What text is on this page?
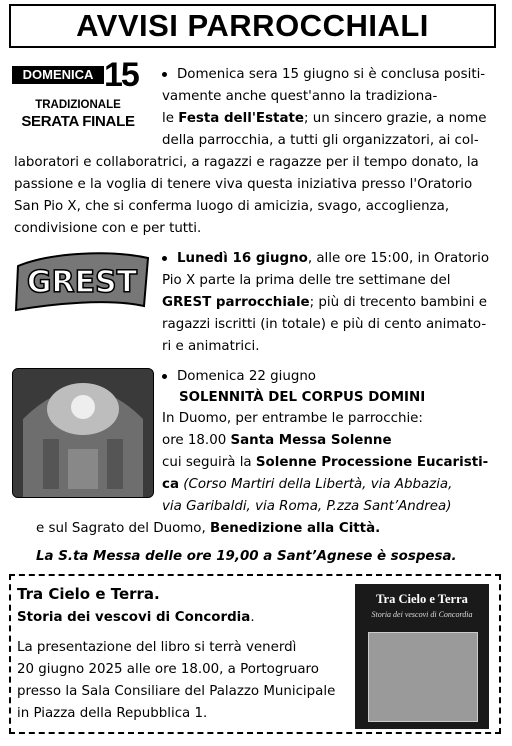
AVVISI PARROCCHIALI
DOMENICA 15
TRADIZIONALE
SERATA FINALE
Domenica sera 15 giugno si è conclusa positi-
vamente anche quest'anno la tradiziona-
le Festa dell'Estate; un sincero grazie, a nome
della parrocchia, a tutti gli organizzatori, ai col-
laboratori e collaboratrici, a ragazzi e ragazze per il tempo donato, la
passione e la voglia di tenere viva questa iniziativa presso l'Oratorio
San Pio X, che si conferma luogo di amicizia, svago, accoglienza,
condivisione con e per tutti.
GREST
Lunedì 16 giugno, alle ore 15:00, in Oratorio
Pio X parte la prima delle tre settimane del
GREST parrocchiale; più di trecento bambini e
ragazzi iscritti (in totale) e più di cento animato-
ri e animatrici.
Domenica 22 giugno
SOLENNITÀ DEL CORPUS DOMINI
In Duomo, per entrambe le parrocchie:
ore 18.00 Santa Messa Solenne
cui seguirà la Solenne Processione Eucaristi-
ca (Corso Martiri della Libertà, via Abbazia,
via Garibaldi, via Roma, P.zza Sant’Andrea)
e sul Sagrato del Duomo, Benedizione alla Città.
La S.ta Messa delle ore 19,00 a Sant’Agnese è sospesa.
Tra Cielo e Terra.
Storia dei vescovi di Concordia.
La presentazione del libro si terrà venerdì
20 giugno 2025 alle ore 18.00, a Portogruaro
presso la Sala Consiliare del Palazzo Municipale
in Piazza della Repubblica 1.
Tra Cielo e Terra
Storia dei vescovi di Concordia
